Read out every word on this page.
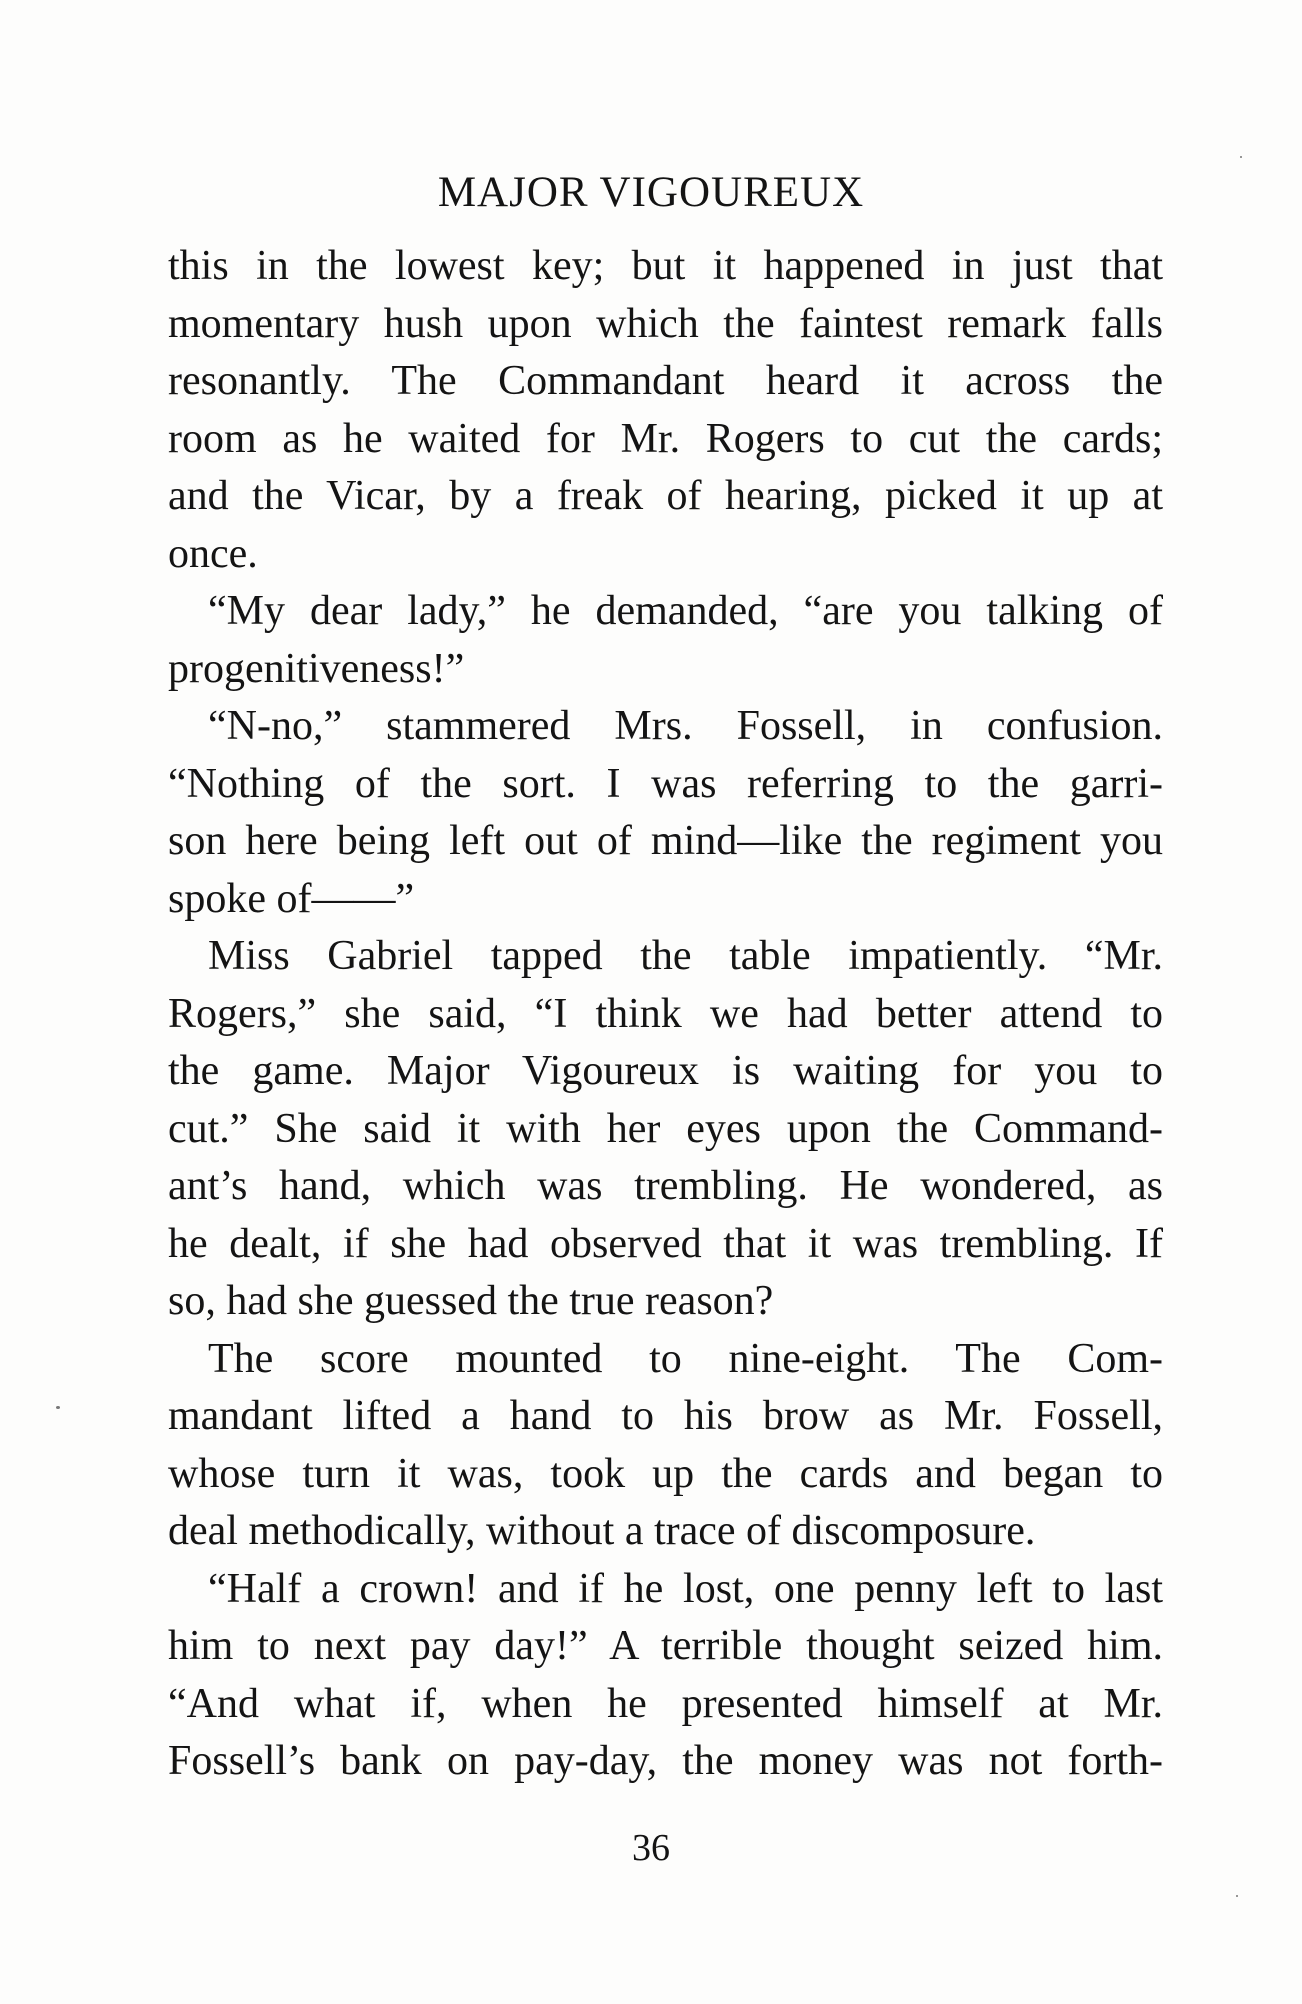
MAJOR VIGOUREUX
this in the lowest key; but it happened in just that
momentary hush upon which the faintest remark falls
resonantly. The Commandant heard it across the
room as he waited for Mr. Rogers to cut the cards;
and the Vicar, by a freak of hearing, picked it up at
once.
“My dear lady,” he demanded, “are you talking of
progenitiveness!”
“N-no,” stammered Mrs. Fossell, in confusion.
“Nothing of the sort. I was referring to the garri-
son here being left out of mind—like the regiment you
spoke of——”
Miss Gabriel tapped the table impatiently. “Mr.
Rogers,” she said, “I think we had better attend to
the game. Major Vigoureux is waiting for you to
cut.” She said it with her eyes upon the Command-
ant’s hand, which was trembling. He wondered, as
he dealt, if she had observed that it was trembling. If
so, had she guessed the true reason?
The score mounted to nine-eight. The Com-
mandant lifted a hand to his brow as Mr. Fossell,
whose turn it was, took up the cards and began to
deal methodically, without a trace of discomposure.
“Half a crown! and if he lost, one penny left to last
him to next pay day!” A terrible thought seized him.
“And what if, when he presented himself at Mr.
Fossell’s bank on pay-day, the money was not forth-
36
